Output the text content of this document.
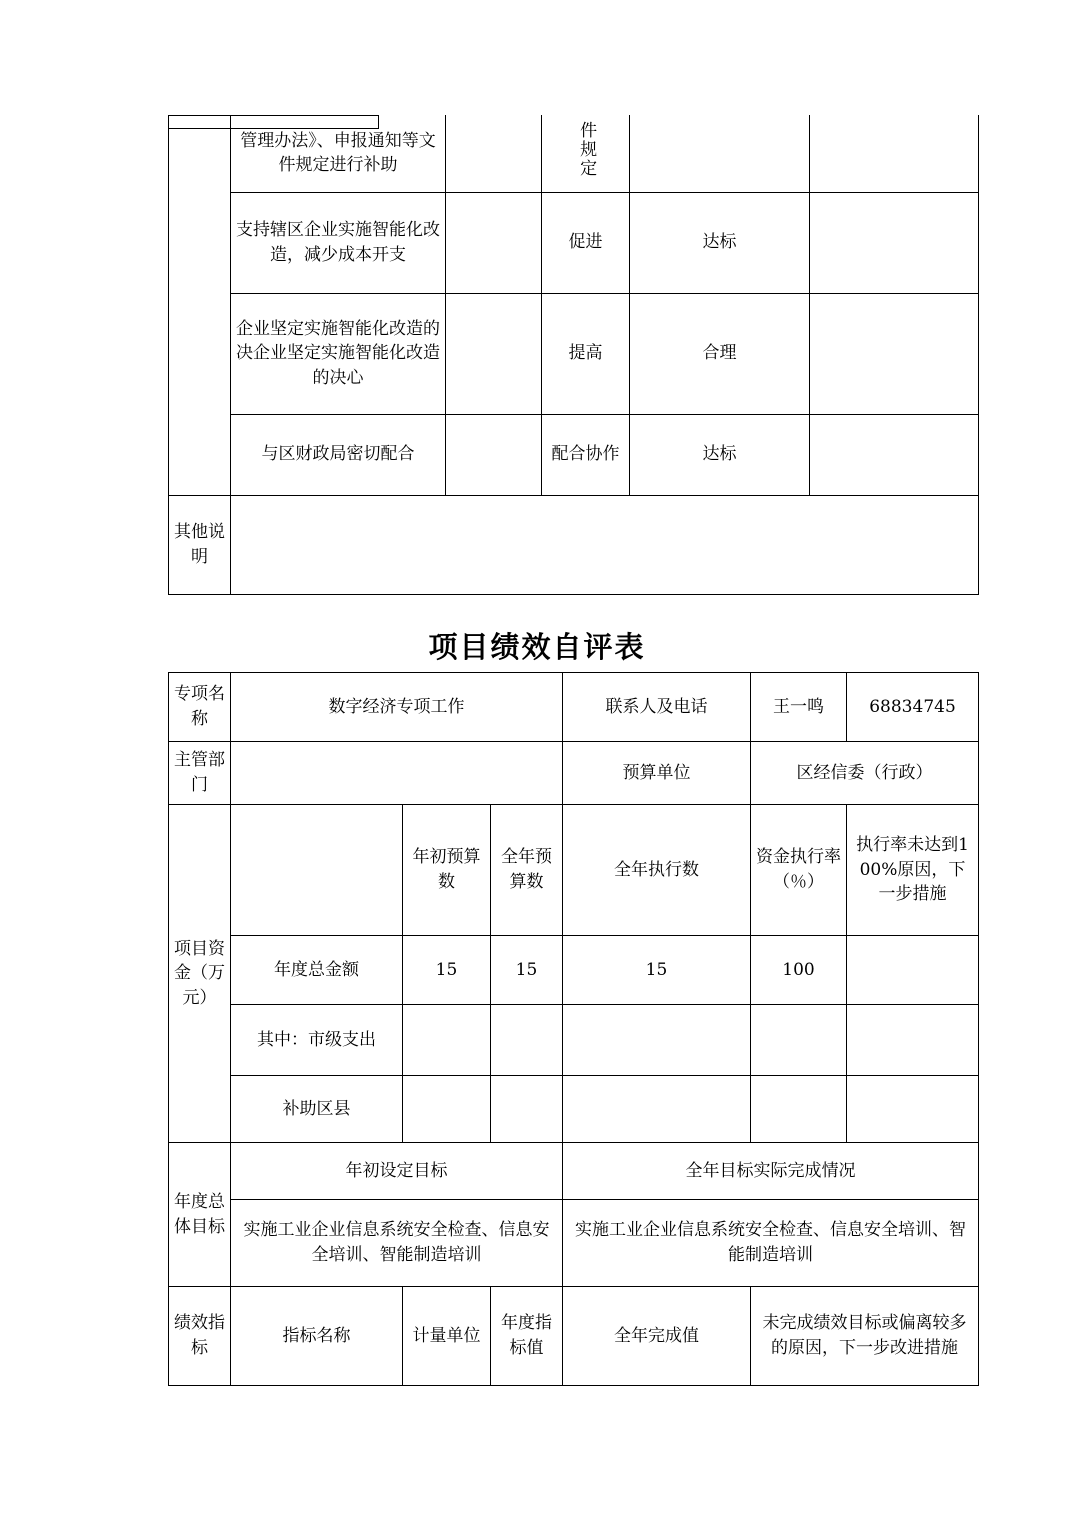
	管理办法》、申报通知等文件规定进行补助		件规定		
	支持辖区企业实施智能化改造，减少成本开支		促进	达标	
	企业坚定实施智能化改造的决企业坚定实施智能化改造的决心		提高	合理	
	与区财政局密切配合		配合协作	达标	
其他说明					
项目绩效自评表
专项名称	数字经济专项工作			联系人及电话	王一鸣	68834745
主管部门				预算单位	区经信委（行政）	
项目资金（万元）		年初预算数	全年预算数	全年执行数	资金执行率（％）	执行率未达到100%原因，下一步措施
	年度总金额	15	15	15	100	
	其中：市级支出					
	补助区县					
年度总体目标	年初设定目标			全年目标实际完成情况		
	实施工业企业信息系统安全检查、信息安全培训、智能制造培训			实施工业企业信息系统安全检查、信息安全培训、智能制造培训		
绩效指标	指标名称	计量单位	年度指标值	全年完成值	未完成绩效目标或偏离较多的原因，下一步改进措施	
